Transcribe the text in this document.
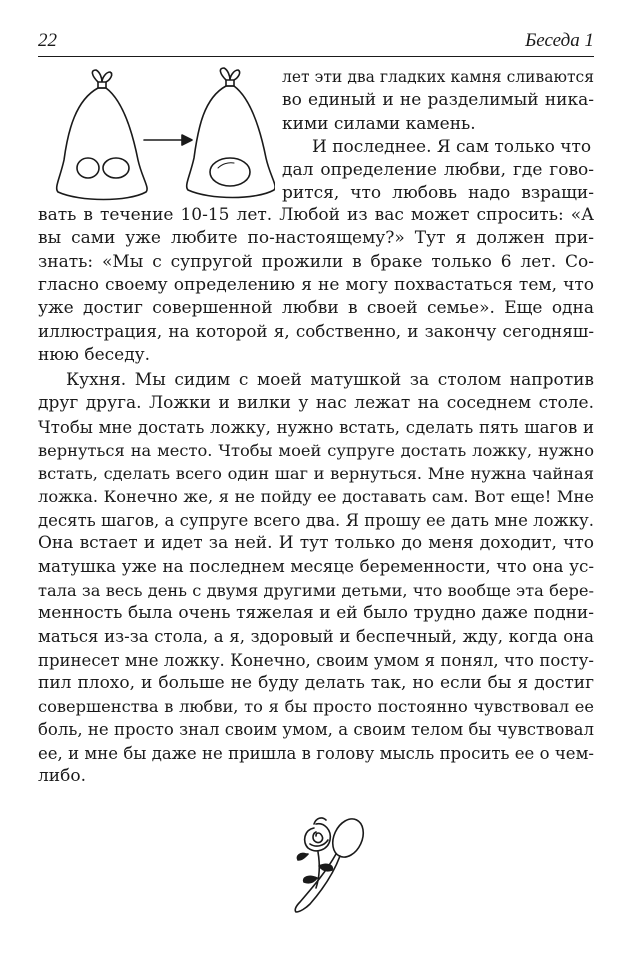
22	Беседа 1
лет эти два гладких камня сливаются
во единый и не разделимый ника-
кими силами камень.
И последнее. Я сам только что
дал определение любви, где гово-
рится, что любовь надо взращи-
вать в течение 10-15 лет. Любой из вас может спросить: «А
вы сами уже любите по-настоящему?» Тут я должен при-
знать: «Мы с супругой прожили в браке только 6 лет. Со-
гласно своему определению я не могу похвастаться тем, что
уже достиг совершенной любви в своей семье». Еще одна
иллюстрация, на которой я, собственно, и закончу сегодняш-
нюю беседу.
Кухня. Мы сидим с моей матушкой за столом напротив
друг друга. Ложки и вилки у нас лежат на соседнем столе.
Чтобы мне достать ложку, нужно встать, сделать пять шагов и
вернуться на место. Чтобы моей супруге достать ложку, нужно
встать, сделать всего один шаг и вернуться. Мне нужна чайная
ложка. Конечно же, я не пойду ее доставать сам. Вот еще! Мне
десять шагов, а супруге всего два. Я прошу ее дать мне ложку.
Она встает и идет за ней. И тут только до меня доходит, что
матушка уже на последнем месяце беременности, что она ус-
тала за весь день с двумя другими детьми, что вообще эта бере-
менность была очень тяжелая и ей было трудно даже подни-
маться из-за стола, а я, здоровый и беспечный, жду, когда она
принесет мне ложку. Конечно, своим умом я понял, что посту-
пил плохо, и больше не буду делать так, но если бы я достиг
совершенства в любви, то я бы просто постоянно чувствовал ее
боль, не просто знал своим умом, а своим телом бы чувствовал
ее, и мне бы даже не пришла в голову мысль просить ее о чем-
либо.
